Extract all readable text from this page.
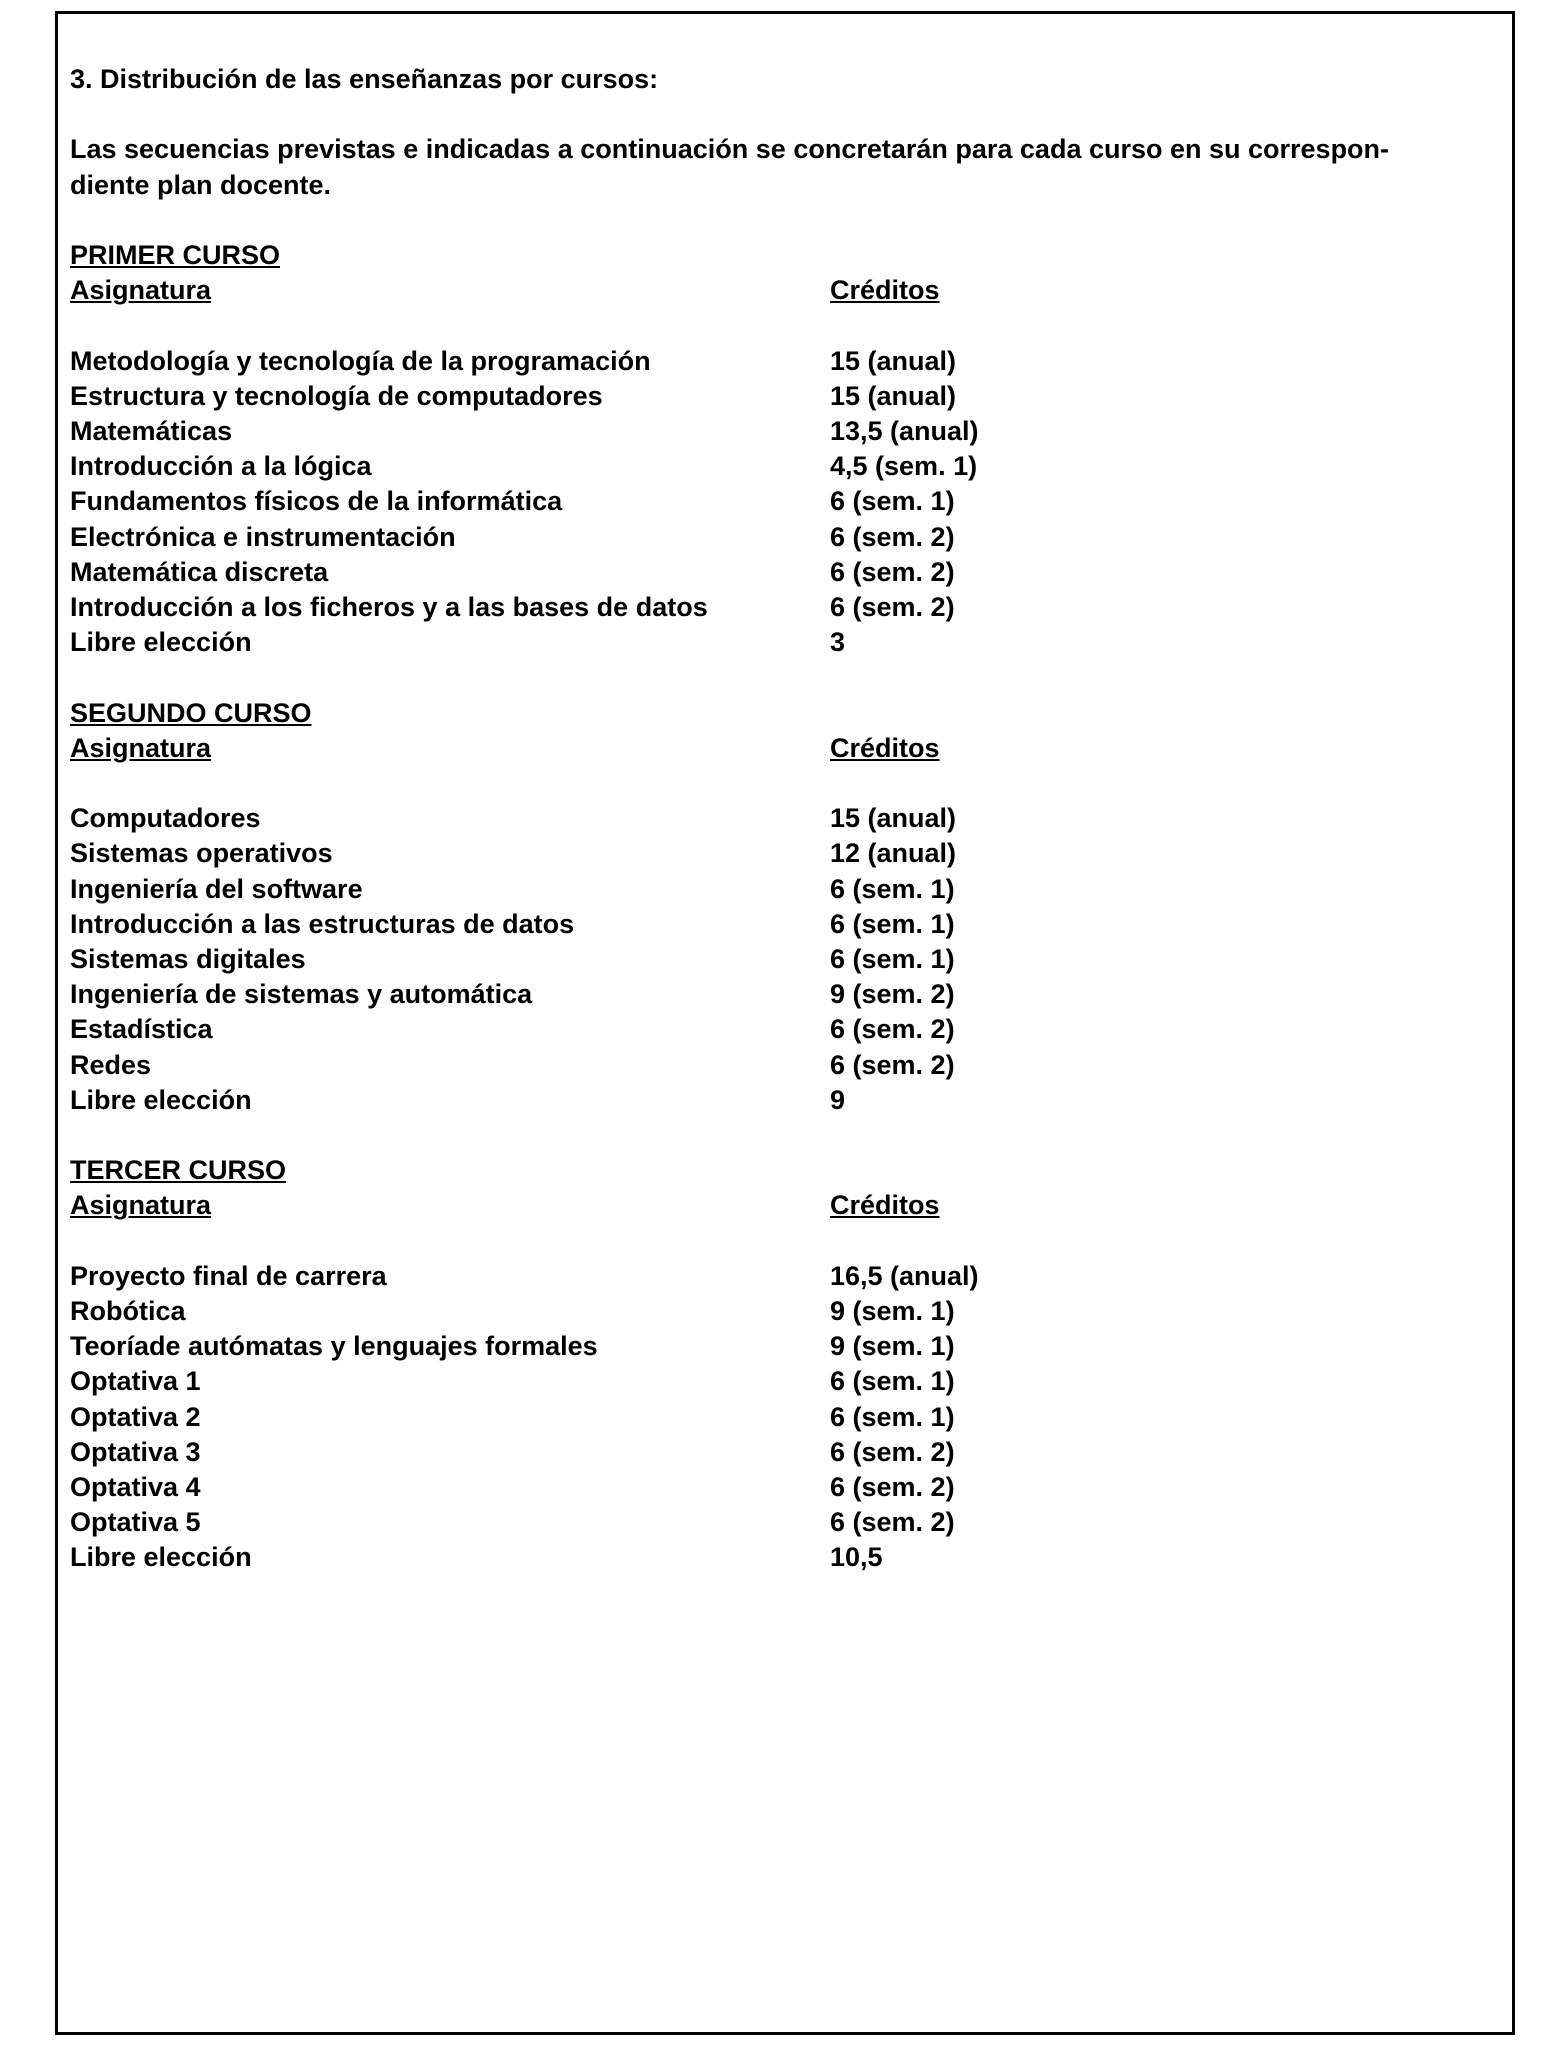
3. Distribución de las enseñanzas por cursos:
Las secuencias previstas e indicadas a continuación se concretarán para cada curso en su correspon-
diente plan docente.
PRIMER CURSO
Asignatura	Créditos
Metodología y tecnología de la programación	15 (anual)
Estructura y tecnología de computadores	15 (anual)
Matemáticas	13,5 (anual)
Introducción a la lógica	4,5 (sem. 1)
Fundamentos físicos de la informática	6 (sem. 1)
Electrónica e instrumentación	6 (sem. 2)
Matemática discreta	6 (sem. 2)
Introducción a los ficheros y a las bases de datos	6 (sem. 2)
Libre elección	3
SEGUNDO CURSO
Asignatura	Créditos
Computadores	15 (anual)
Sistemas operativos	12 (anual)
Ingeniería del software	6 (sem. 1)
Introducción a las estructuras de datos	6 (sem. 1)
Sistemas digitales	6 (sem. 1)
Ingeniería de sistemas y automática	9 (sem. 2)
Estadística	6 (sem. 2)
Redes	6 (sem. 2)
Libre elección	9
TERCER CURSO
Asignatura	Créditos
Proyecto final de carrera	16,5 (anual)
Robótica	9 (sem. 1)
Teoríade autómatas y lenguajes formales	9 (sem. 1)
Optativa 1	6 (sem. 1)
Optativa 2	6 (sem. 1)
Optativa 3	6 (sem. 2)
Optativa 4	6 (sem. 2)
Optativa 5	6 (sem. 2)
Libre elección	10,5
